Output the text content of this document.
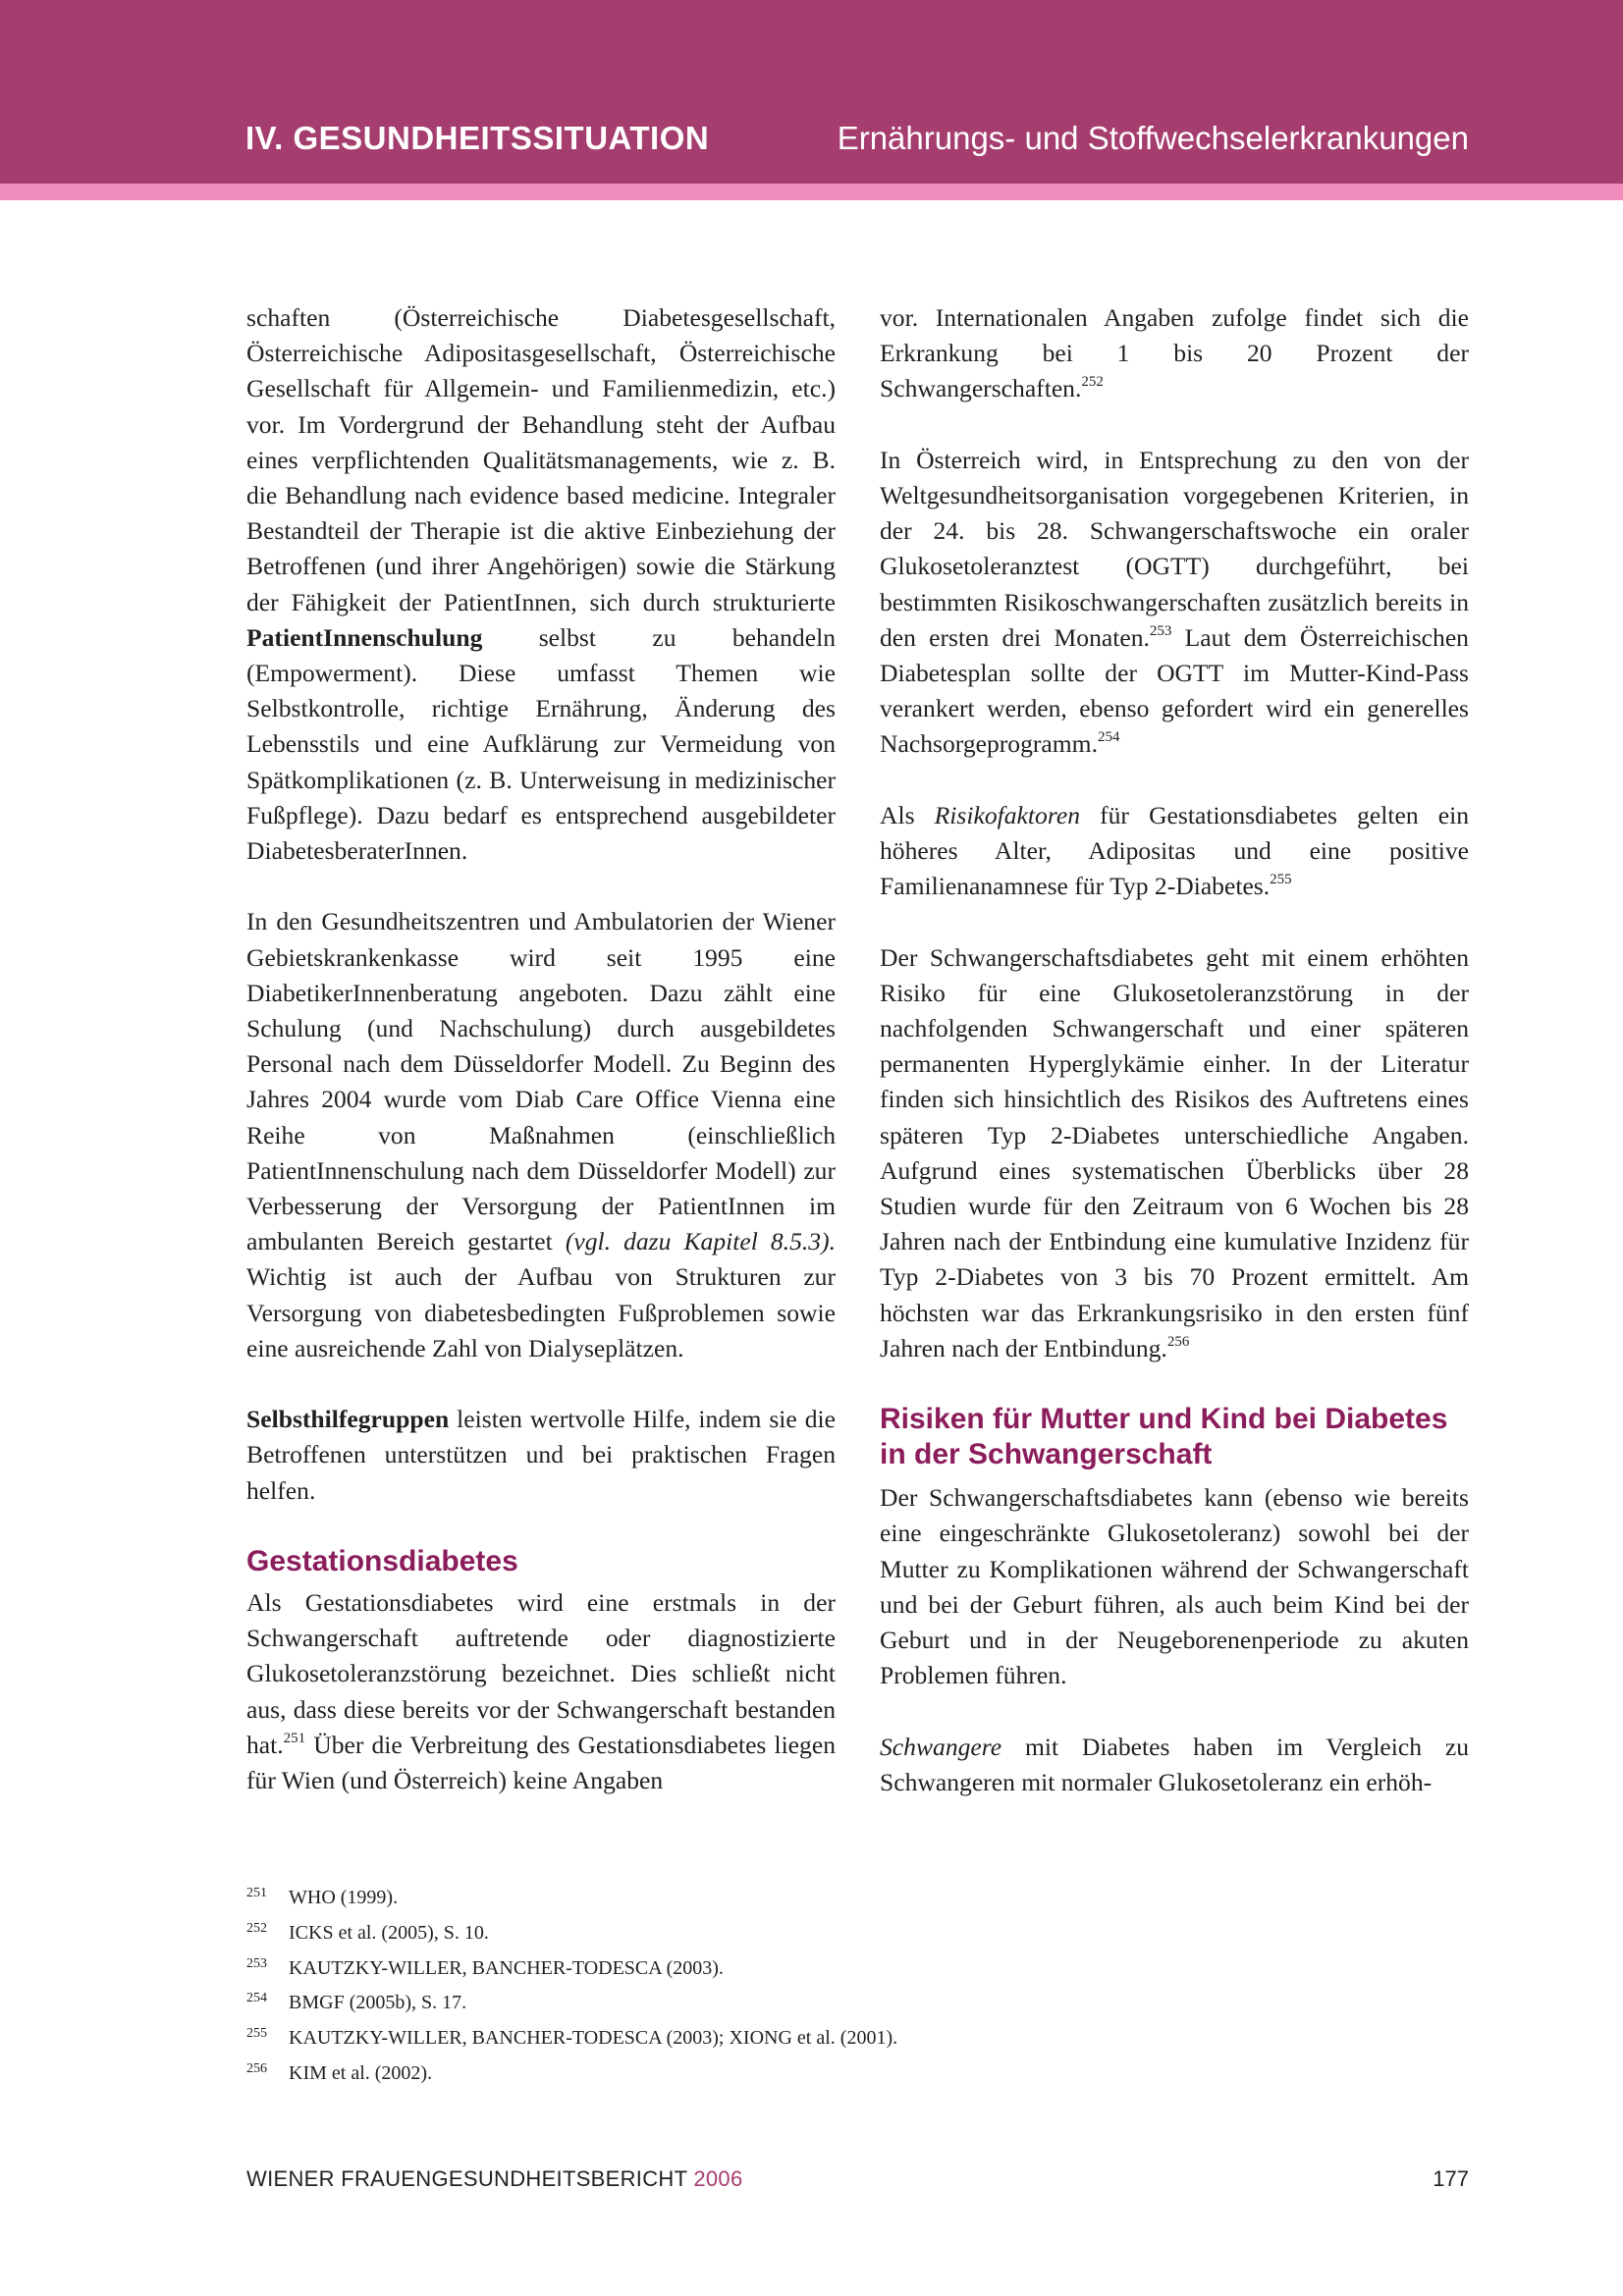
IV. GESUNDHEITSSITUATION	Ernährungs- und Stoffwechselerkrankungen

schaften (Österreichische Diabetesgesellschaft, Österreichische Adipositasgesellschaft, Österreichische Gesellschaft für Allgemein- und Familienmedizin, etc.) vor. Im Vordergrund der Behandlung steht der Aufbau eines verpflichtenden Qualitätsmanagements, wie z. B. die Behandlung nach evidence based medicine. Integraler Bestandteil der Therapie ist die aktive Einbeziehung der Betroffenen (und ihrer Angehörigen) sowie die Stärkung der Fähigkeit der PatientInnen, sich durch strukturierte PatientInnenschulung selbst zu behandeln (Empowerment). Diese umfasst Themen wie Selbstkontrolle, richtige Ernährung, Änderung des Lebensstils und eine Aufklärung zur Vermeidung von Spätkomplikationen (z. B. Unterweisung in medizinischer Fußpflege). Dazu bedarf es entsprechend ausgebildeter DiabetesberaterInnen.

In den Gesundheitszentren und Ambulatorien der Wiener Gebietskrankenkasse wird seit 1995 eine DiabetikerInnenberatung angeboten. Dazu zählt eine Schulung (und Nachschulung) durch ausgebildetes Personal nach dem Düsseldorfer Modell. Zu Beginn des Jahres 2004 wurde vom Diab Care Office Vienna eine Reihe von Maßnahmen (einschließlich PatientInnenschulung nach dem Düsseldorfer Modell) zur Verbesserung der Versorgung der PatientInnen im ambulanten Bereich gestartet (vgl. dazu Kapitel 8.5.3). Wichtig ist auch der Aufbau von Strukturen zur Versorgung von diabetesbedingten Fußproblemen sowie eine ausreichende Zahl von Dialyseplätzen.

Selbsthilfegruppen leisten wertvolle Hilfe, indem sie die Betroffenen unterstützen und bei praktischen Fragen helfen.

Gestationsdiabetes

Als Gestationsdiabetes wird eine erstmals in der Schwangerschaft auftretende oder diagnostizierte Glukosetoleranzstörung bezeichnet. Dies schließt nicht aus, dass diese bereits vor der Schwangerschaft bestanden hat.$^{251}$ Über die Verbreitung des Gestationsdiabetes liegen für Wien (und Österreich) keine Angaben

vor. Internationalen Angaben zufolge findet sich die Erkrankung bei 1 bis 20 Prozent der Schwangerschaften.$^{252}$

In Österreich wird, in Entsprechung zu den von der Weltgesundheitsorganisation vorgegebenen Kriterien, in der 24. bis 28. Schwangerschaftswoche ein oraler Glukosetoleranztest (OGTT) durchgeführt, bei bestimmten Risikoschwangerschaften zusätzlich bereits in den ersten drei Monaten.$^{253}$ Laut dem Österreichischen Diabetesplan sollte der OGTT im Mutter-Kind-Pass verankert werden, ebenso gefordert wird ein generelles Nachsorgeprogramm.$^{254}$

Als Risikofaktoren für Gestationsdiabetes gelten ein höheres Alter, Adipositas und eine positive Familienanamnese für Typ 2-Diabetes.$^{255}$

Der Schwangerschaftsdiabetes geht mit einem erhöhten Risiko für eine Glukosetoleranzstörung in der nachfolgenden Schwangerschaft und einer späteren permanenten Hyperglykämie einher. In der Literatur finden sich hinsichtlich des Risikos des Auftretens eines späteren Typ 2-Diabetes unterschiedliche Angaben. Aufgrund eines systematischen Überblicks über 28 Studien wurde für den Zeitraum von 6 Wochen bis 28 Jahren nach der Entbindung eine kumulative Inzidenz für Typ 2-Diabetes von 3 bis 70 Prozent ermittelt. Am höchsten war das Erkrankungsrisiko in den ersten fünf Jahren nach der Entbindung.$^{256}$

Risiken für Mutter und Kind bei Diabetes in der Schwangerschaft

Der Schwangerschaftsdiabetes kann (ebenso wie bereits eine eingeschränkte Glukosetoleranz) sowohl bei der Mutter zu Komplikationen während der Schwangerschaft und bei der Geburt führen, als auch beim Kind bei der Geburt und in der Neugeborenenperiode zu akuten Problemen führen.

Schwangere mit Diabetes haben im Vergleich zu Schwangeren mit normaler Glukosetoleranz ein erhöh-

251	WHO (1999).
252	ICKS et al. (2005), S. 10.
253	KAUTZKY-WILLER, BANCHER-TODESCA (2003).
254	BMGF (2005b), S. 17.
255	KAUTZKY-WILLER, BANCHER-TODESCA (2003); XIONG et al. (2001).
256	KIM et al. (2002).
WIENER FRAUENGESUNDHEITSBERICHT 2006	177
